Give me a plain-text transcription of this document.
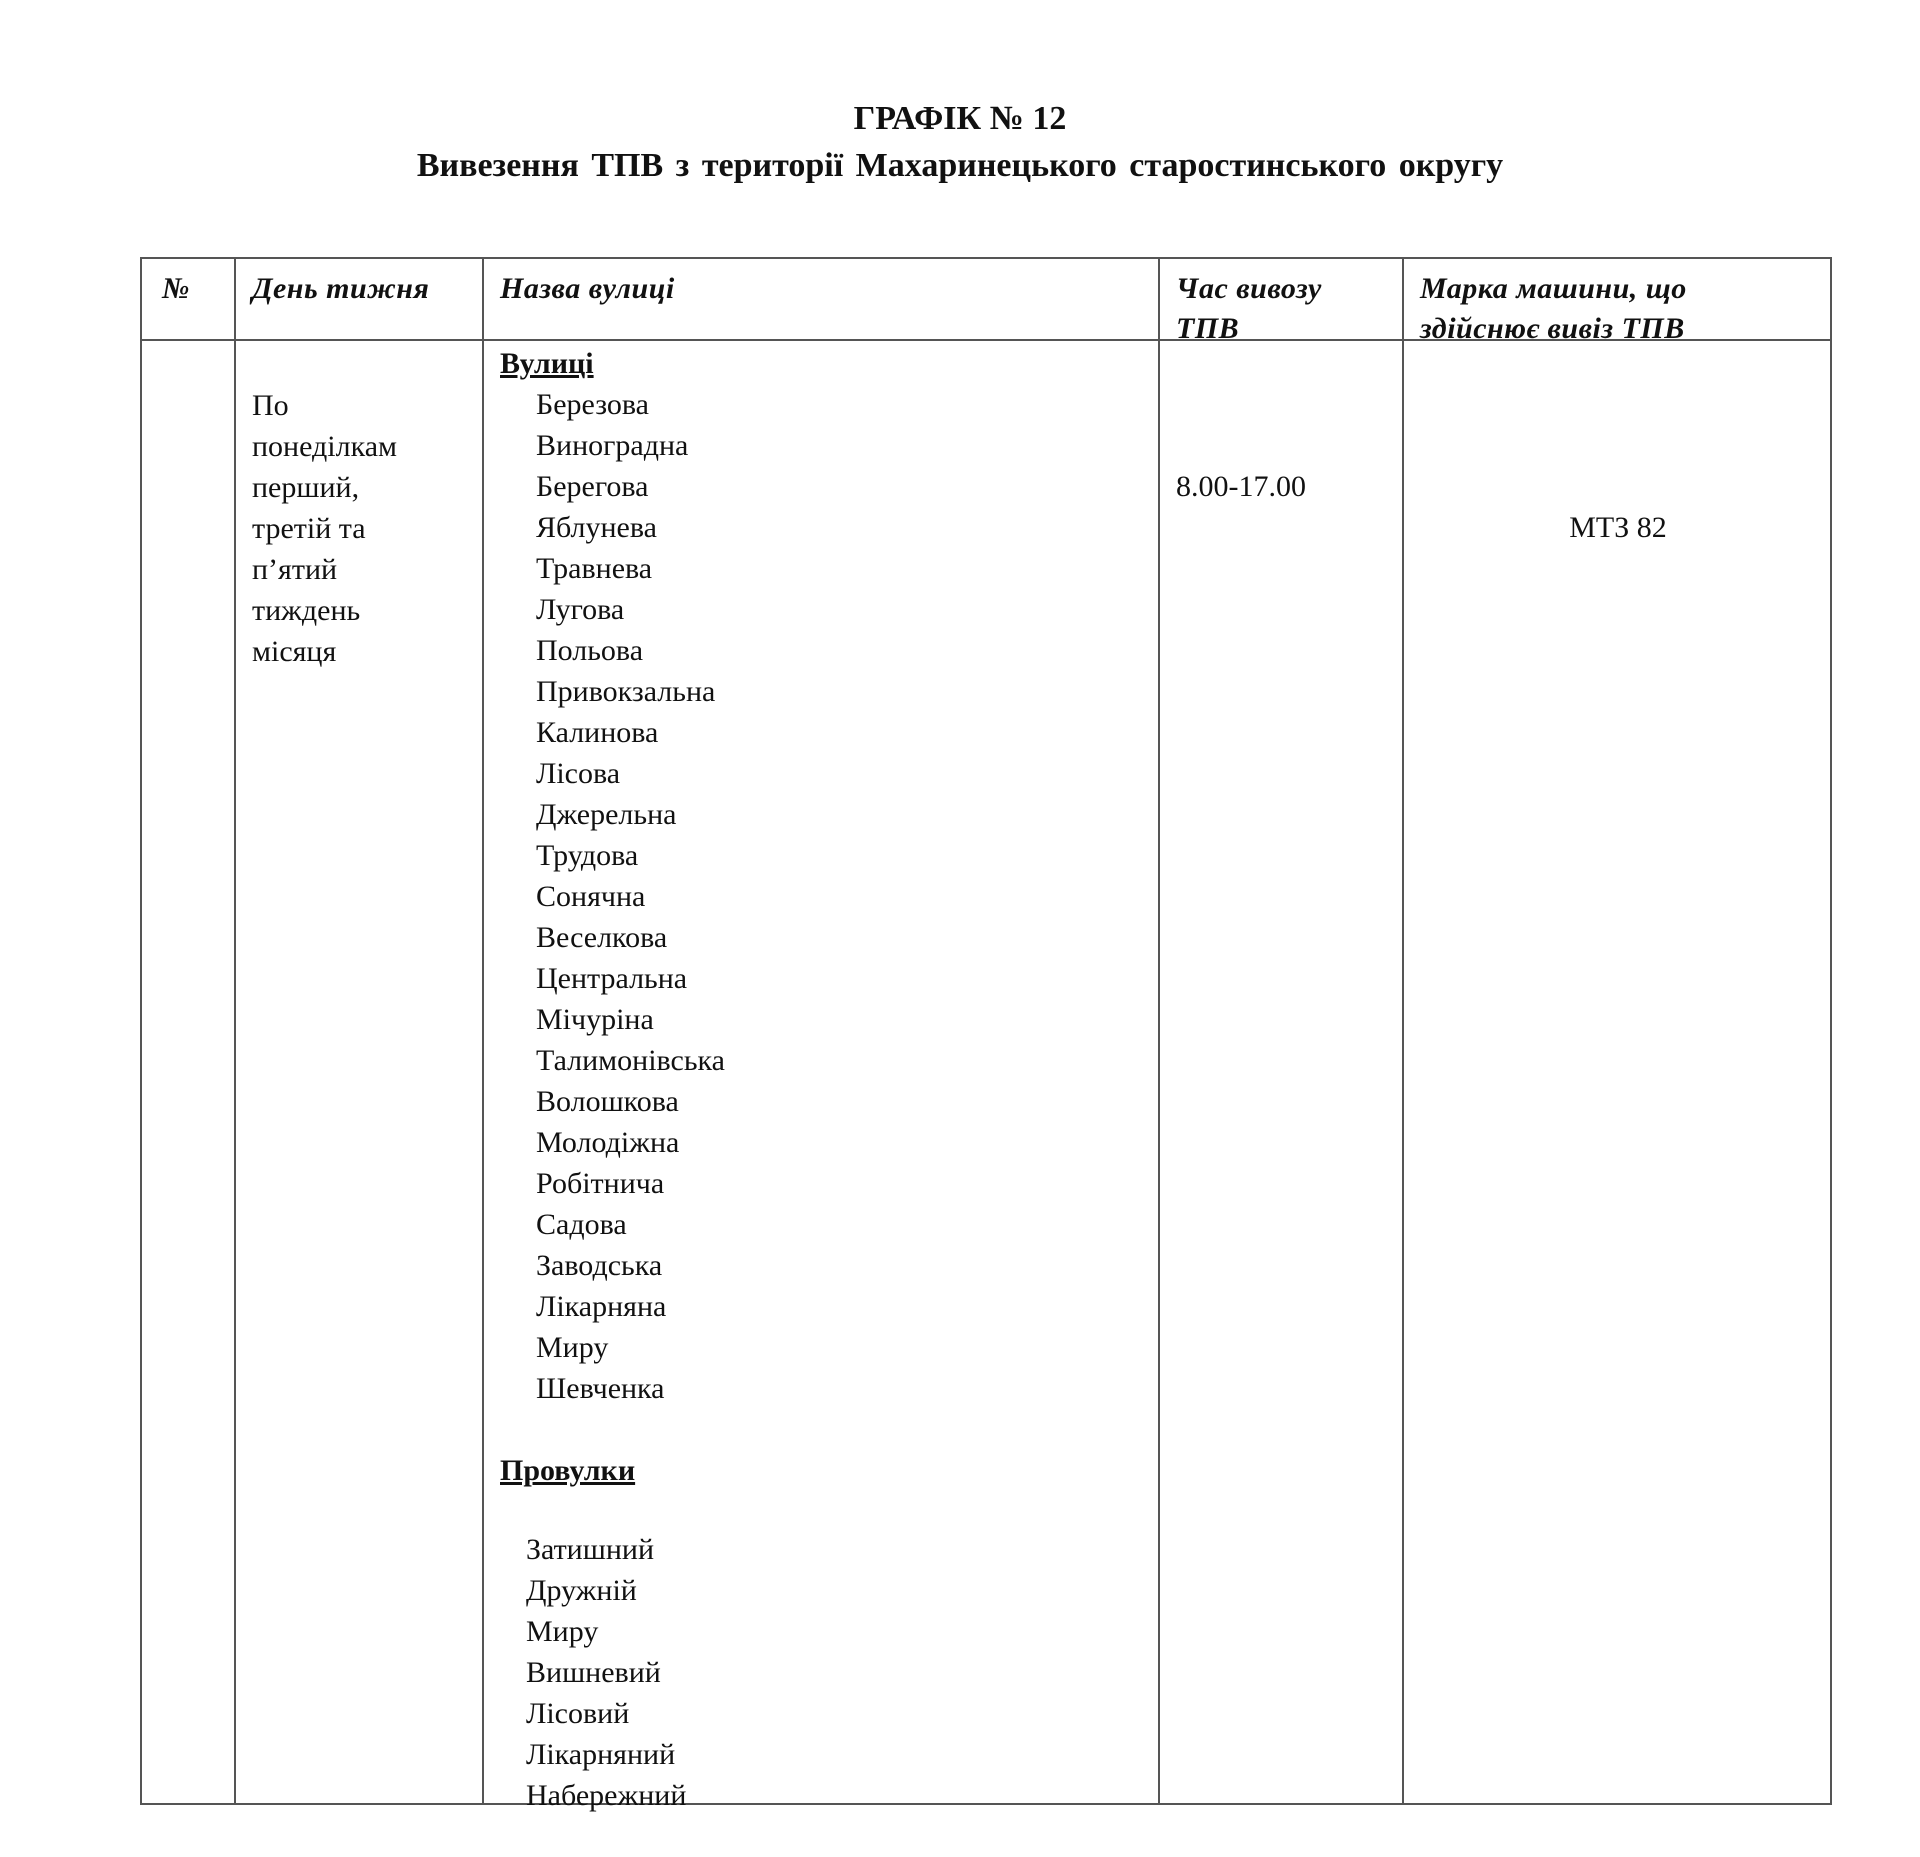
ГРАФІК № 12
Вивезення ТПВ з території Махаринецького старостинського округу
№ День тижня Назва вулиці	Час вивозу
ТПВ
Марка машини, що
здійснює вивіз ТПВ
По
понеділкам
перший,
третій та
п’ятий
тиждень
місяця
Вулиці
Березова
Виноградна
Берегова
Яблунева
Травнева
Лугова
Польова
Привокзальна
Калинова
Лісова
Джерельна
Трудова
Сонячна
Веселкова
Центральна
Мічуріна
Талимонівська
Волошкова
Молодіжна
Робітнича
Садова
Заводська
Лікарняна
Миру
Шевченка
Провулки
Затишний
Дружній
Миру
Вишневий
Лісовий
Лікарняний
Набережний
8.00-17.00
МТЗ 82
